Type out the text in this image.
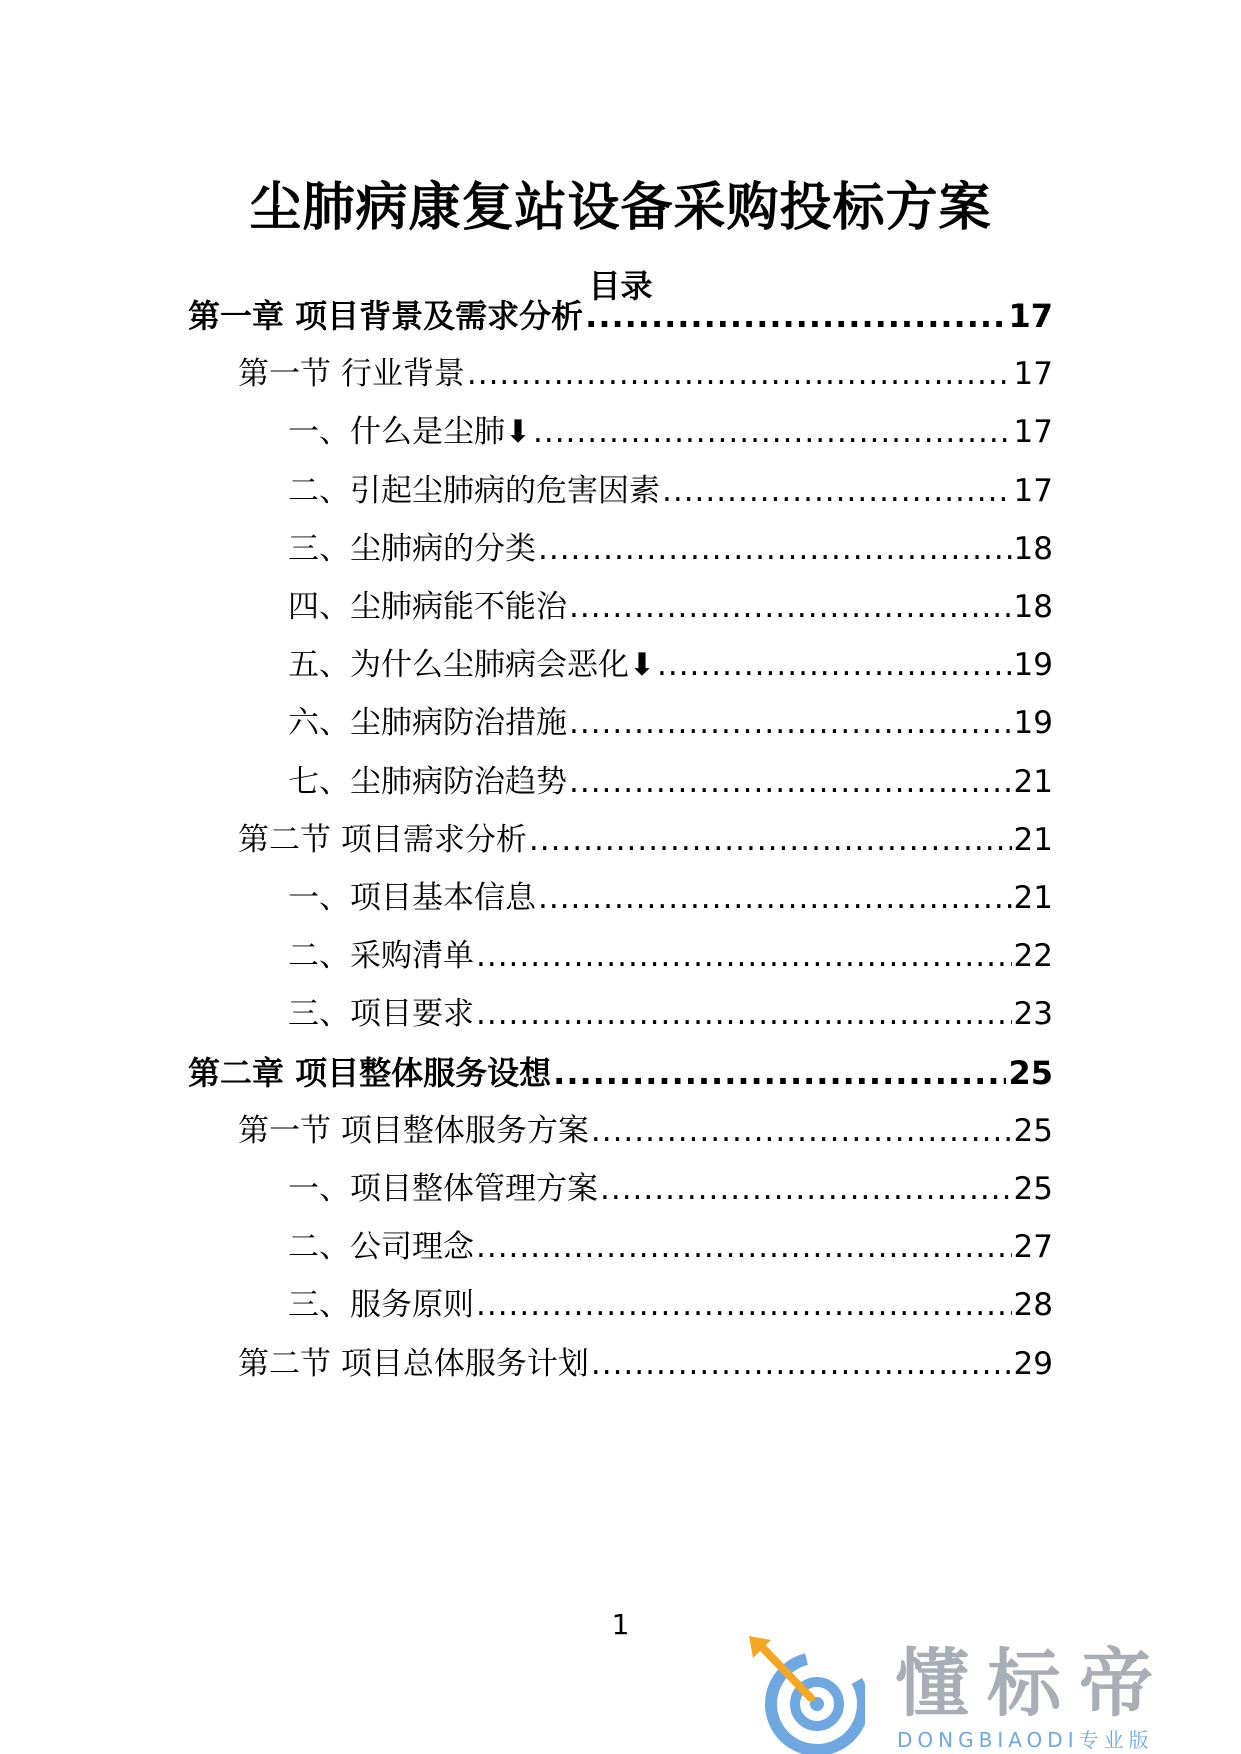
尘肺病康复站设备采购投标方案
目录
第一章 项目背景及需求分析 .....	17
第一节 行业背景 .....	17
一、什么是尘肺⬇ .....	17
二、引起尘肺病的危害因素 .....	17
三、尘肺病的分类 .....	18
四、尘肺病能不能治 .....	18
五、为什么尘肺病会恶化⬇ .....	19
六、尘肺病防治措施 .....	19
七、尘肺病防治趋势 .....	21
第二节 项目需求分析 .....	21
一、项目基本信息 .....	21
二、采购清单 .....	22
三、项目要求 .....	23
第二章 项目整体服务设想 .....	25
第一节 项目整体服务方案 .....	25
一、项目整体管理方案 .....	25
二、公司理念 .....	27
三、服务原则 .....	28
第二节 项目总体服务计划 .....	29
1
懂标帝
DONGBIAODI专业版
